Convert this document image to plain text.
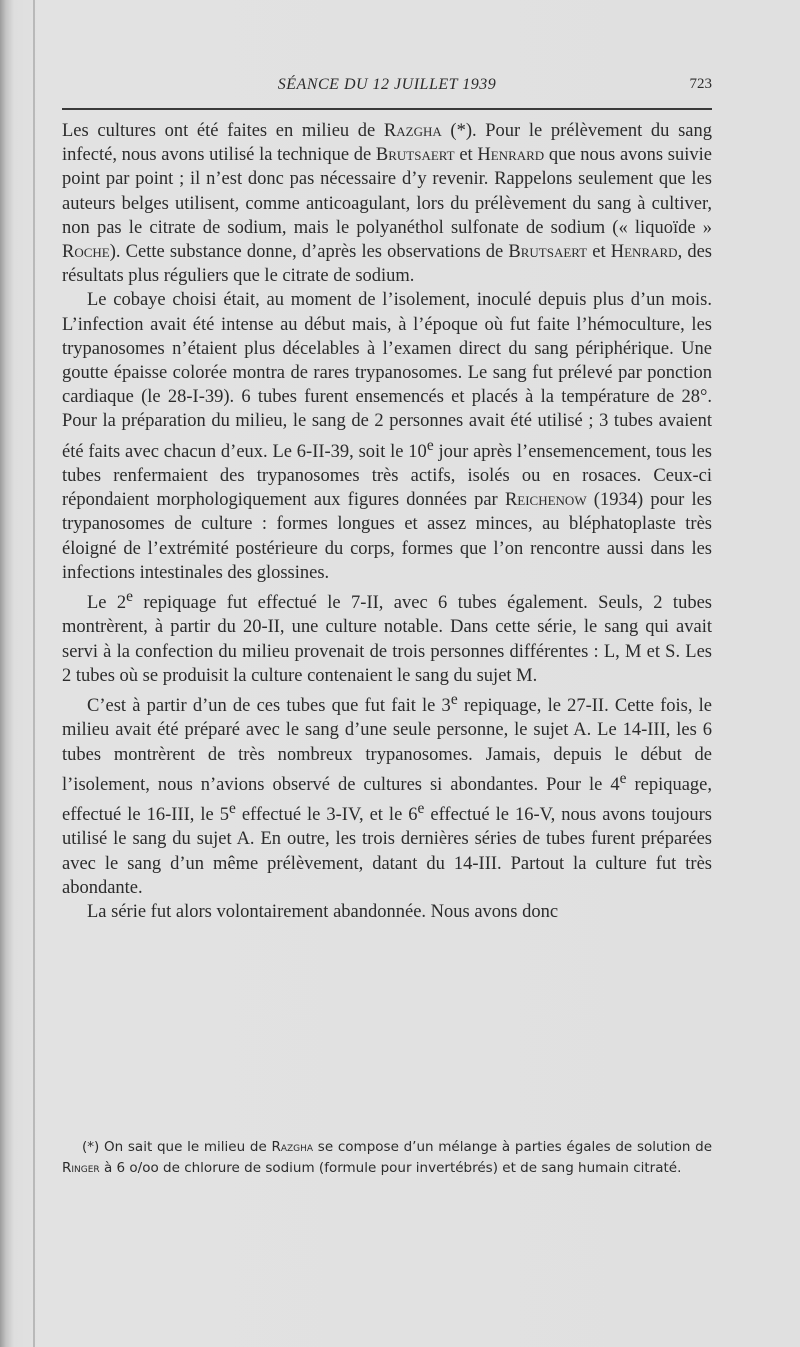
SÉANCE DU 12 JUILLET 1939	723

Les cultures ont été faites en milieu de Razgha (*). Pour le prélèvement du sang infecté, nous avons utilisé la technique de Brutsaert et Henrard que nous avons suivie point par point ; il n’est donc pas nécessaire d’y revenir. Rappelons seulement que les auteurs belges utilisent, comme anticoagulant, lors du prélèvement du sang à cultiver, non pas le citrate de sodium, mais le polyanéthol sulfonate de sodium (« liquoïde » Roche). Cette substance donne, d’après les observations de Brutsaert et Henrard, des résultats plus réguliers que le citrate de sodium.

Le cobaye choisi était, au moment de l’isolement, inoculé depuis plus d’un mois. L’infection avait été intense au début mais, à l’époque où fut faite l’hémoculture, les trypanosomes n’étaient plus décelables à l’examen direct du sang périphérique. Une goutte épaisse colorée montra de rares trypanosomes. Le sang fut prélevé par ponction cardiaque (le 28-I-39). 6 tubes furent ensemencés et placés à la température de 28°. Pour la préparation du milieu, le sang de 2 personnes avait été utilisé ; 3 tubes avaient été faits avec chacun d’eux. Le 6-II-39, soit le 10e jour après l’ensemencement, tous les tubes renfermaient des trypanosomes très actifs, isolés ou en rosaces. Ceux-ci répondaient morphologiquement aux figures données par Reichenow (1934) pour les trypanosomes de culture : formes longues et assez minces, au bléphatoplaste très éloigné de l’extrémité postérieure du corps, formes que l’on rencontre aussi dans les infections intestinales des glossines.

Le 2e repiquage fut effectué le 7-II, avec 6 tubes également. Seuls, 2 tubes montrèrent, à partir du 20-II, une culture notable. Dans cette série, le sang qui avait servi à la confection du milieu provenait de trois personnes différentes : L, M et S. Les 2 tubes où se produisit la culture contenaient le sang du sujet M.

C’est à partir d’un de ces tubes que fut fait le 3e repiquage, le 27-II. Cette fois, le milieu avait été préparé avec le sang d’une seule personne, le sujet A. Le 14-III, les 6 tubes montrèrent de très nombreux trypanosomes. Jamais, depuis le début de l’isolement, nous n’avions observé de cultures si abondantes. Pour le 4e repiquage, effectué le 16-III, le 5e effectué le 3-IV, et le 6e effectué le 16-V, nous avons toujours utilisé le sang du sujet A. En outre, les trois dernières séries de tubes furent préparées avec le sang d’un même prélèvement, datant du 14-III. Partout la culture fut très abondante.

La série fut alors volontairement abandonnée. Nous avons donc

(*) On sait que le milieu de Razgha se compose d’un mélange à parties égales de solution de Ringer à 6 o/oo de chlorure de sodium (formule pour invertébrés) et de sang humain citraté.
